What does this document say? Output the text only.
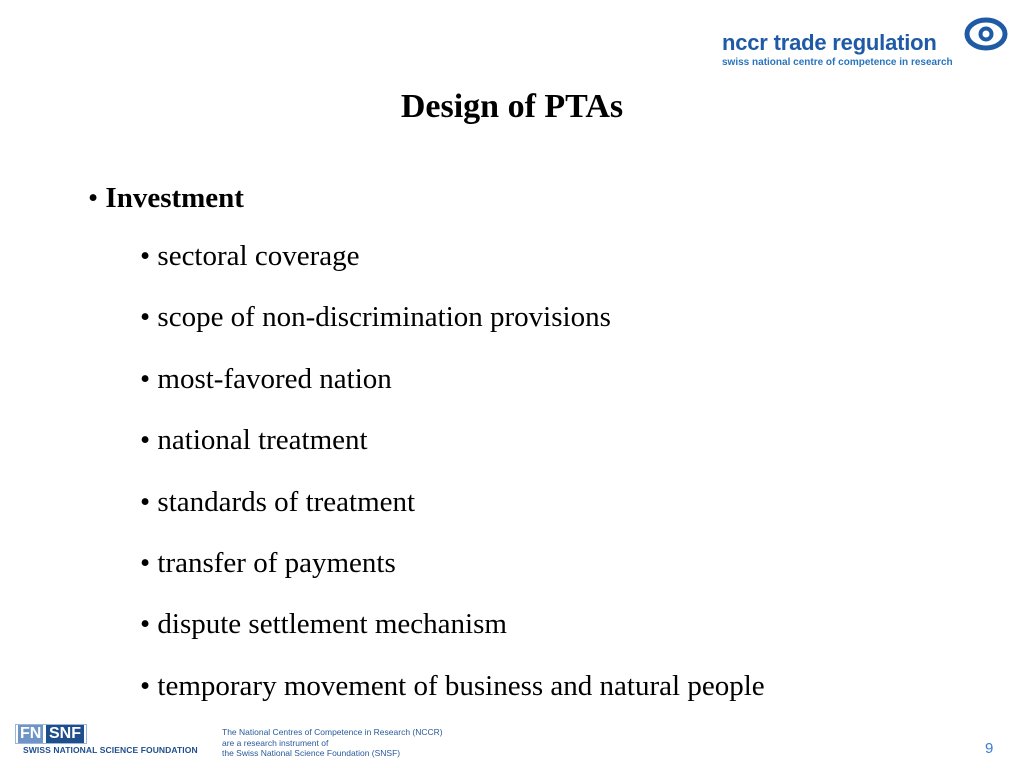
nccr trade regulation
swiss national centre of competence in research
Design of PTAs
• Investment
• sectoral coverage
• scope of non-discrimination provisions
• most-favored nation
• national treatment
• standards of treatment
• transfer of payments
• dispute settlement mechanism
• temporary movement of business and natural people
FN SNF
SWISS NATIONAL SCIENCE FOUNDATION
The National Centres of Competence in Research (NCCR)
are a research instrument of
the Swiss National Science Foundation (SNSF)	9
